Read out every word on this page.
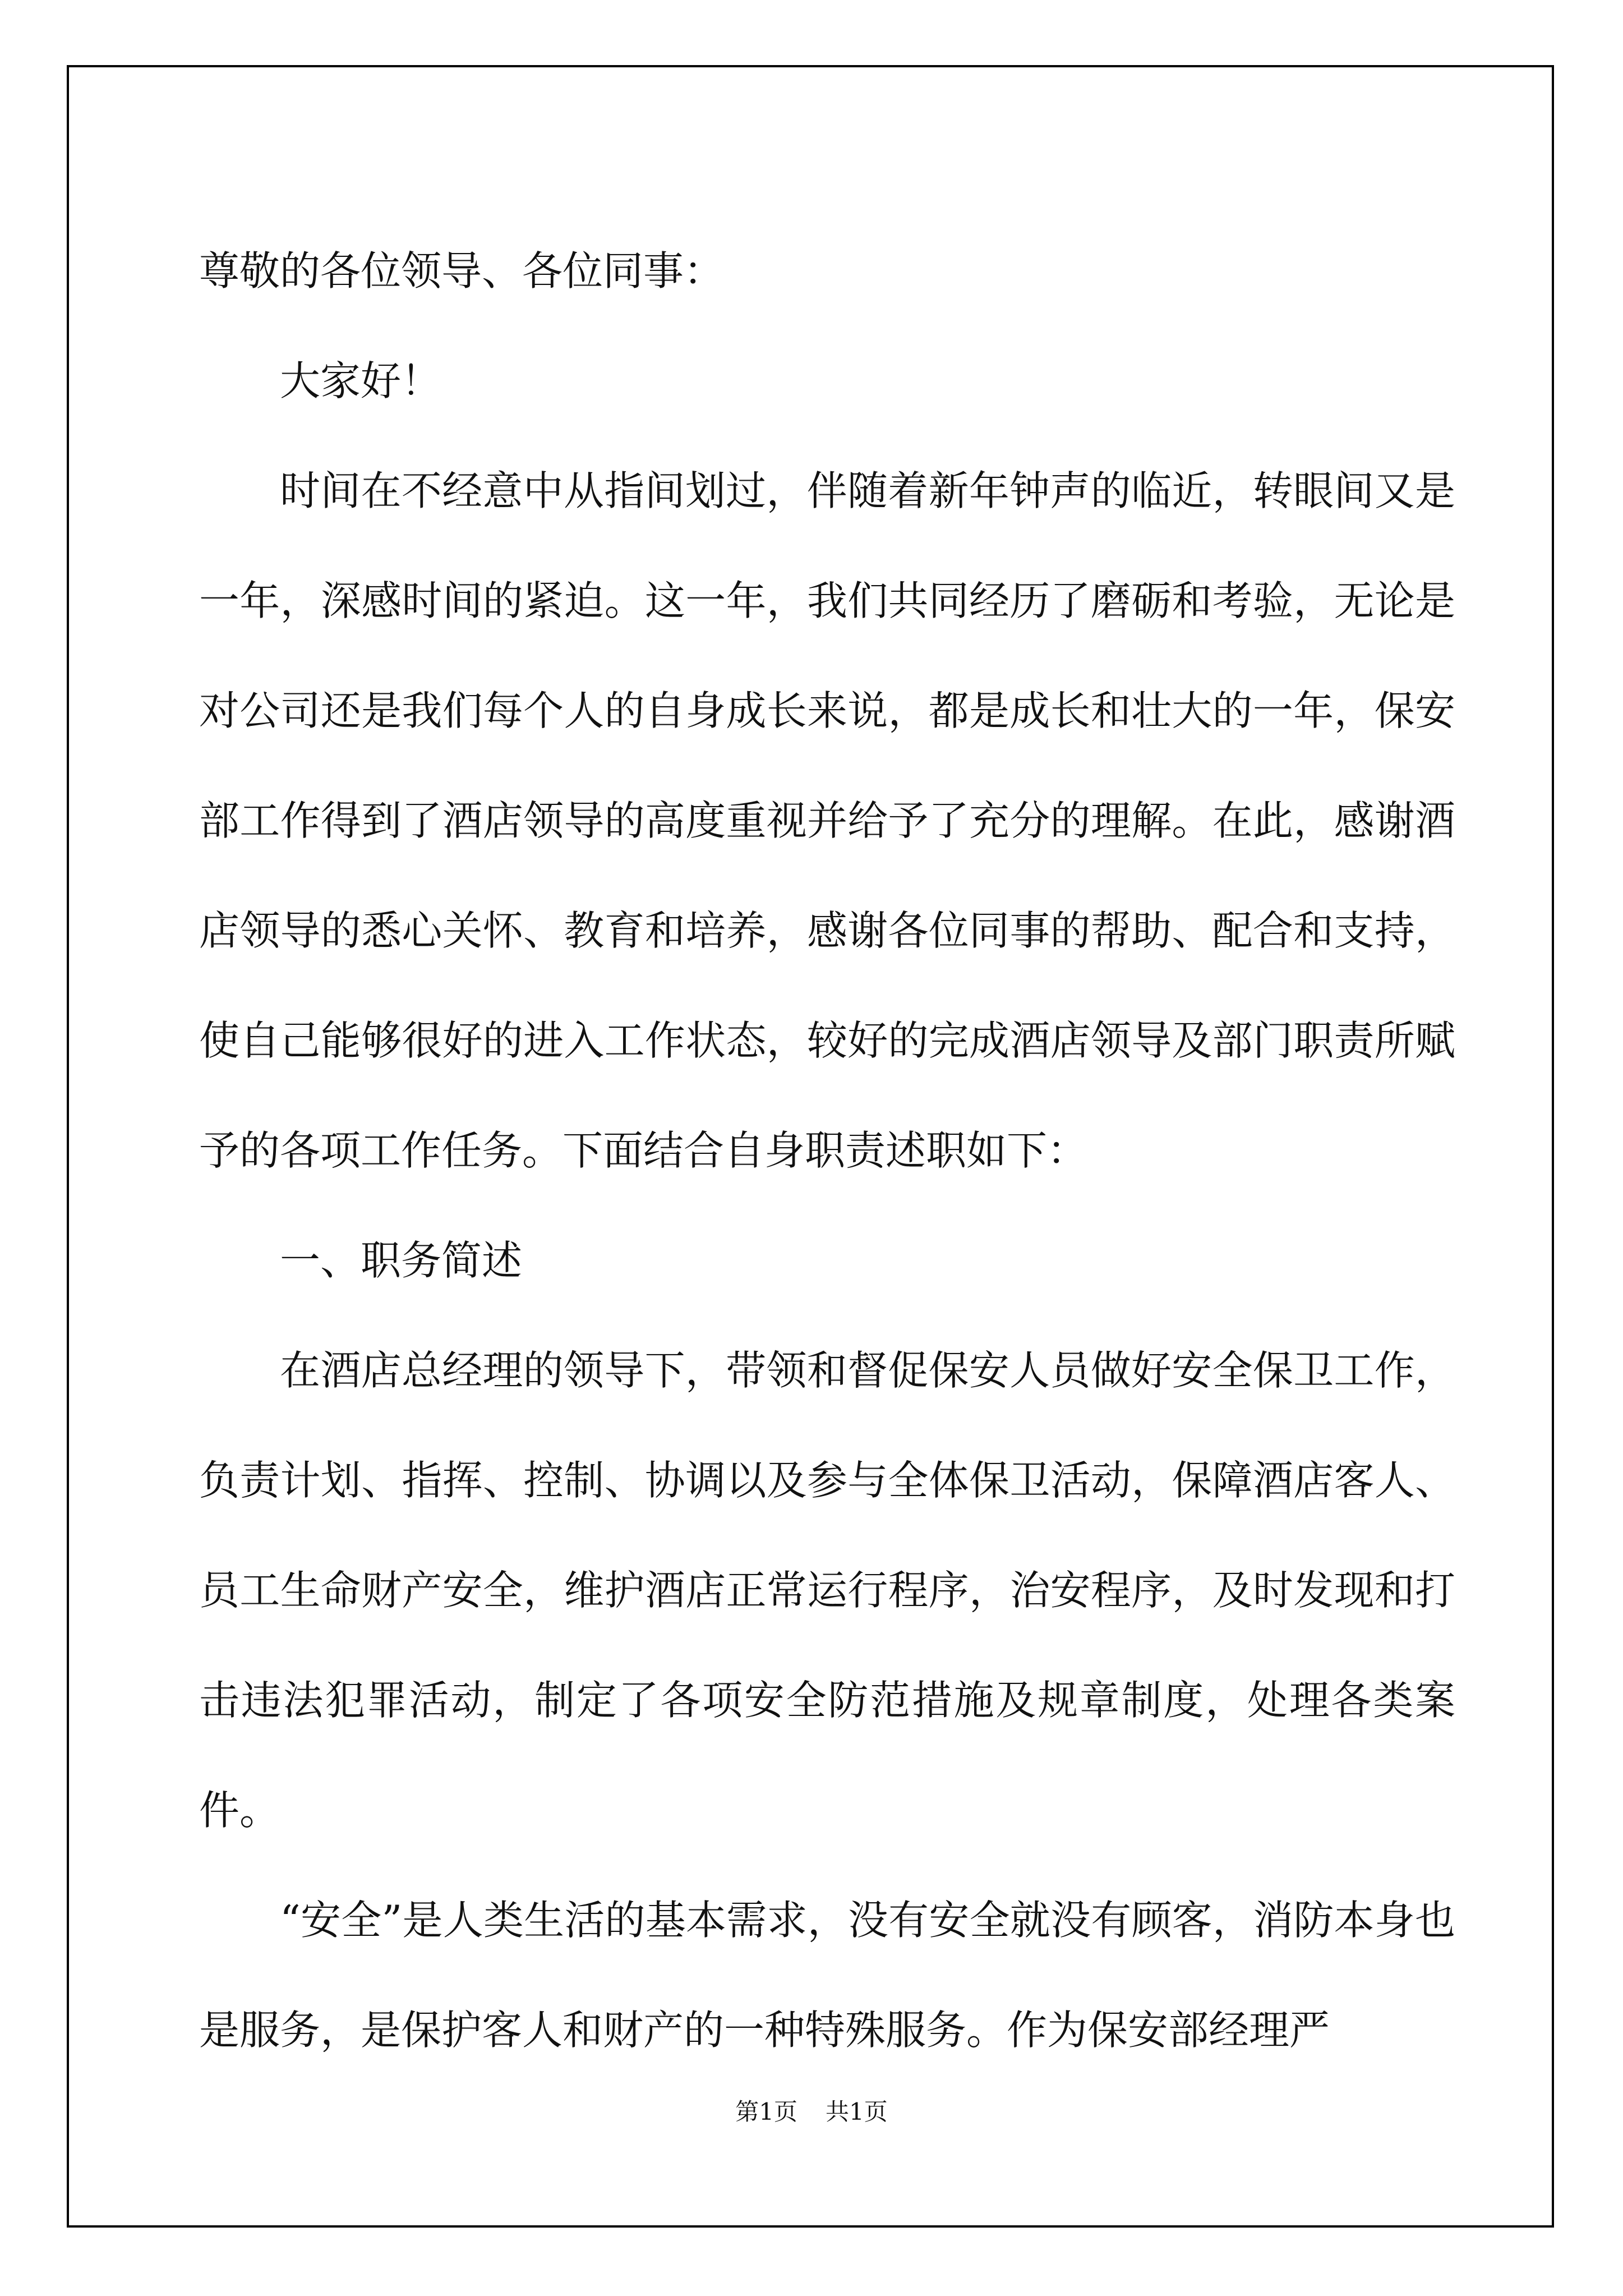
尊敬的各位领导、各位同事：

大家好！

时间在不经意中从指间划过，伴随着新年钟声的临近，转眼间又是一年，深感时间的紧迫。这一年，我们共同经历了磨砺和考验，无论是对公司还是我们每个人的自身成长来说，都是成长和壮大的一年，保安部工作得到了酒店领导的高度重视并给予了充分的理解。在此，感谢酒店领导的悉心关怀、教育和培养，感谢各位同事的帮助、配合和支持，使自己能够很好的进入工作状态，较好的完成酒店领导及部门职责所赋予的各项工作任务。下面结合自身职责述职如下：

一、职务简述

在酒店总经理的领导下，带领和督促保安人员做好安全保卫工作，负责计划、指挥、控制、协调以及参与全体保卫活动，保障酒店客人、员工生命财产安全，维护酒店正常运行程序，治安程序，及时发现和打击违法犯罪活动，制定了各项安全防范措施及规章制度，处理各类案件。

“安全”是人类生活的基本需求，没有安全就没有顾客，消防本身也是服务，是保护客人和财产的一种特殊服务。作为保安部经理严

第1页 共1页
